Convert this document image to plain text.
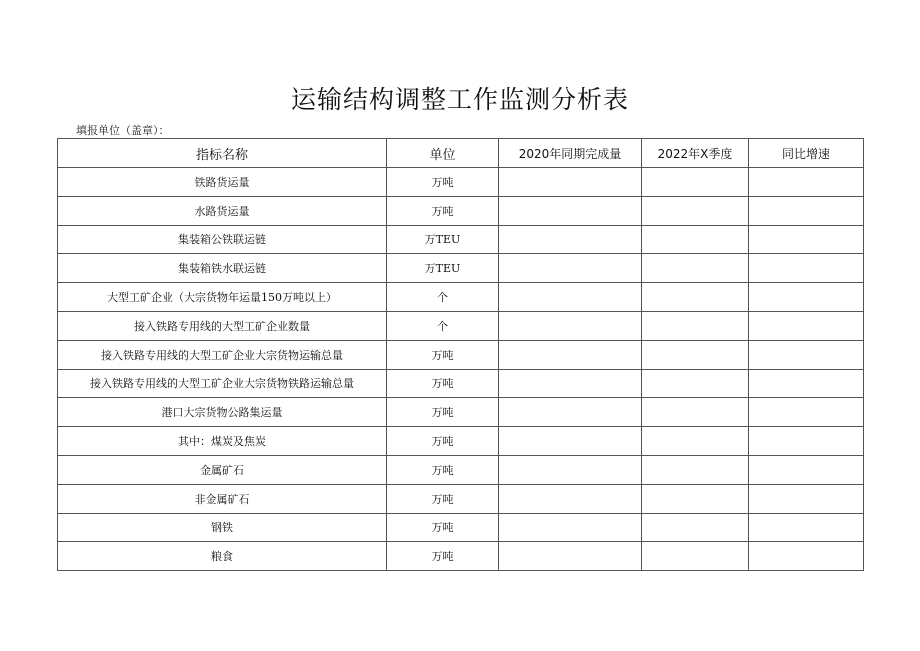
运输结构调整工作监测分析表
填报单位（盖章）：
指标名称	单位	2020年同期完成量	2022年X季度	同比增速
铁路货运量	万吨			
水路货运量	万吨			
集装箱公铁联运链	万TEU			
集装箱铁水联运链	万TEU			
大型工矿企业（大宗货物年运量150万吨以上）	个			
接入铁路专用线的大型工矿企业数量	个			
接入铁路专用线的大型工矿企业大宗货物运输总量	万吨			
接入铁路专用线的大型工矿企业大宗货物铁路运输总量	万吨			
港口大宗货物公路集运量	万吨			
其中：煤炭及焦炭	万吨			
金属矿石	万吨			
非金属矿石	万吨			
钢铁	万吨			
粮食	万吨			
